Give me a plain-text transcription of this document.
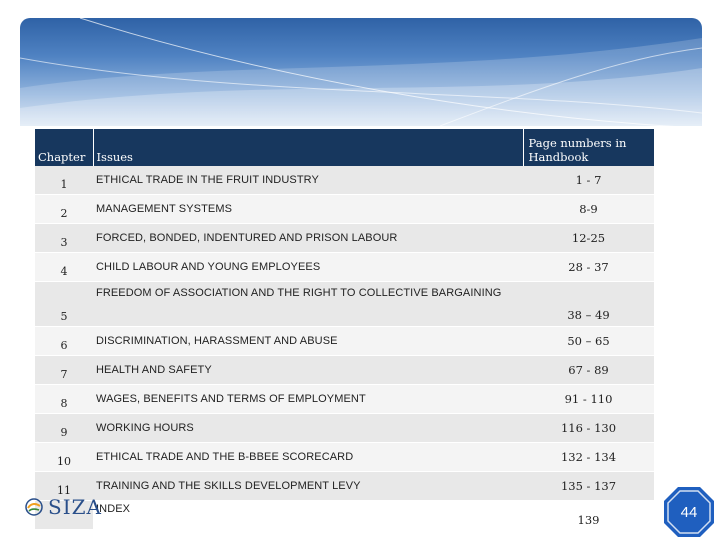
Chapter	Issues	Page numbers in Handbook
1	ETHICAL TRADE IN THE FRUIT INDUSTRY	1 - 7
2	MANAGEMENT SYSTEMS	8-9
3	FORCED, BONDED, INDENTURED AND PRISON LABOUR	12-25
4	CHILD LABOUR AND YOUNG EMPLOYEES	28 - 37
5	FREEDOM OF ASSOCIATION AND THE RIGHT TO COLLECTIVE BARGAINING	38 – 49
6	DISCRIMINATION, HARASSMENT AND ABUSE	50 – 65
7	HEALTH AND SAFETY	67 - 89
8	WAGES, BENEFITS AND TERMS OF EMPLOYMENT	91 - 110
9	WORKING HOURS	116 - 130
10	ETHICAL TRADE AND THE B-BBEE SCORECARD	132 - 134
11	TRAINING AND THE SKILLS DEVELOPMENT LEVY	135 - 137
	INDEX	139
SIZA	44
